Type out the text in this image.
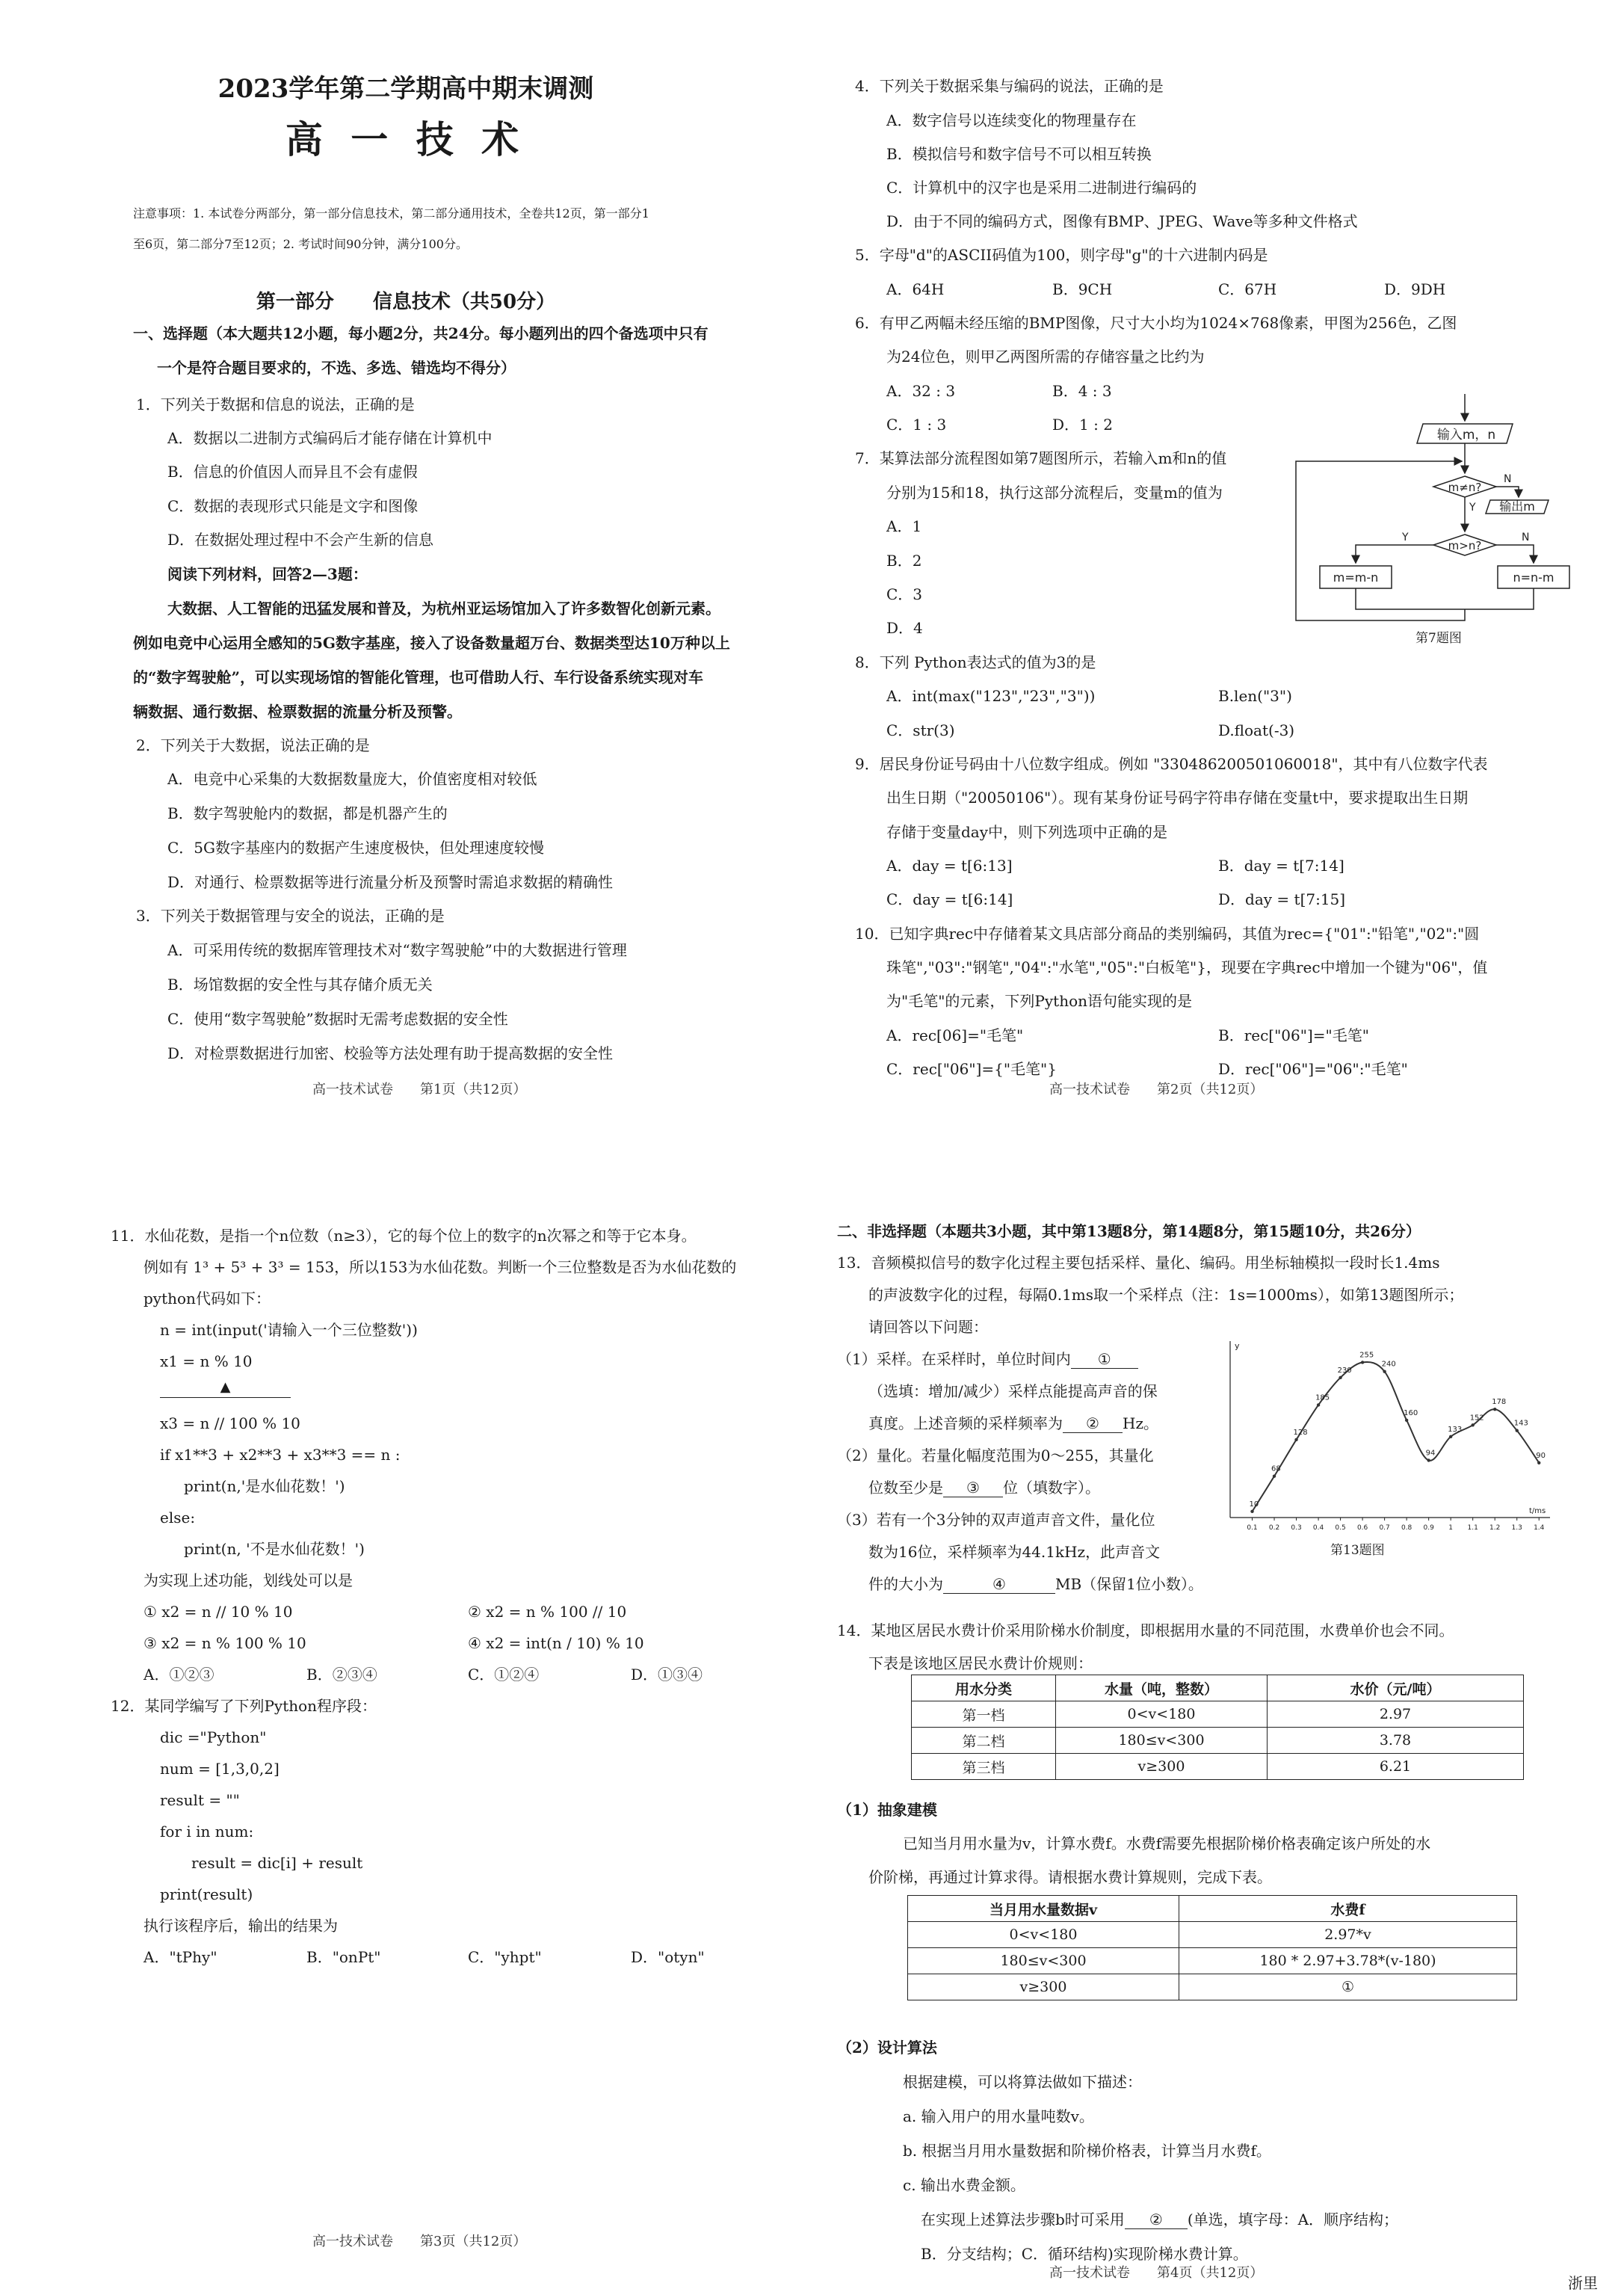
2023学年第二学期高中期末调测
高 一 技 术
注意事项：1. 本试卷分两部分，第一部分信息技术，第二部分通用技术，全卷共12页，第一部分1
至6页，第二部分7至12页；2. 考试时间90分钟，满分100分。
第一部分　　信息技术（共50分）
一、选择题（本大题共12小题，每小题2分，共24分。每小题列出的四个备选项中只有
一个是符合题目要求的，不选、多选、错选均不得分）
1．下列关于数据和信息的说法，正确的是
A．数据以二进制方式编码后才能存储在计算机中
B．信息的价值因人而异且不会有虚假
C．数据的表现形式只能是文字和图像
D．在数据处理过程中不会产生新的信息
阅读下列材料，回答2—3题：
大数据、人工智能的迅猛发展和普及，为杭州亚运场馆加入了许多数智化创新元素。
例如电竞中心运用全感知的5G数字基座，接入了设备数量超万台、数据类型达10万种以上
的“数字驾驶舱”，可以实现场馆的智能化管理，也可借助人行、车行设备系统实现对车
辆数据、通行数据、检票数据的流量分析及预警。
2．下列关于大数据，说法正确的是
A．电竞中心采集的大数据数量庞大，价值密度相对较低
B．数字驾驶舱内的数据，都是机器产生的
C．5G数字基座内的数据产生速度极快，但处理速度较慢
D．对通行、检票数据等进行流量分析及预警时需追求数据的精确性
3．下列关于数据管理与安全的说法，正确的是
A．可采用传统的数据库管理技术对“数字驾驶舱”中的大数据进行管理
B．场馆数据的安全性与其存储介质无关
C．使用“数字驾驶舱”数据时无需考虑数据的安全性
D．对检票数据进行加密、校验等方法处理有助于提高数据的安全性
高一技术试卷　　第1页（共12页）
4．下列关于数据采集与编码的说法，正确的是
A．数字信号以连续变化的物理量存在
B．模拟信号和数字信号不可以相互转换
C．计算机中的汉字也是采用二进制进行编码的
D．由于不同的编码方式，图像有BMP、JPEG、Wave等多种文件格式
5．字母"d"的ASCII码值为100，则字母"g"的十六进制内码是
A．64H	B．9CH	C．67H	D．9DH
6．有甲乙两幅未经压缩的BMP图像，尺寸大小均为1024×768像素，甲图为256色，乙图
为24位色，则甲乙两图所需的存储容量之比约为
A．32 : 3	B．4 : 3
C．1 : 3	D．1 : 2
7．某算法部分流程图如第7题图所示，若输入m和n的值
分别为15和18，执行这部分流程后，变量m的值为
A．1
B．2
C．3
D．4
输入m，n
m≠n?
N
Y 输出m
m>n?
Y	N
m=m-n	n=n-m
第7题图
8．下列 Python表达式的值为3的是
A．int(max("123","23","3"))	B.len("3")
C．str(3)	D.float(-3)
9．居民身份证号码由十八位数字组成。例如 "330486200501060018"，其中有八位数字代表
出生日期（"20050106"）。现有某身份证号码字符串存储在变量t中，要求提取出生日期
存储于变量day中，则下列选项中正确的是
A．day = t[6:13]	B．day = t[7:14]
C．day = t[6:14]	D．day = t[7:15]
10．已知字典rec中存储着某文具店部分商品的类别编码，其值为rec={"01":"铅笔","02":"圆
珠笔","03":"钢笔","04":"水笔","05":"白板笔"}，现要在字典rec中增加一个键为"06"，值
为"毛笔"的元素，下列Python语句能实现的是
A．rec[06]="毛笔"	B．rec["06"]="毛笔"
C．rec["06"]={"毛笔"}	D．rec["06"]="06":"毛笔"
高一技术试卷　　第2页（共12页）
11．水仙花数，是指一个n位数（n≥3），它的每个位上的数字的n次幂之和等于它本身。
例如有 1³ + 5³ + 3³ = 153，所以153为水仙花数。判断一个三位整数是否为水仙花数的
python代码如下：
n = int(input('请输入一个三位整数'))
x1 = n % 10
▲
x3 = n // 100 % 10
if x1**3 + x2**3 + x3**3 == n :
print(n,'是水仙花数！')
else:
print(n, '不是水仙花数！')
为实现上述功能，划线处可以是
① x2 = n // 10 % 10	② x2 = n % 100 // 10
③ x2 = n % 100 % 10	④ x2 = int(n / 10) % 10
A．①②③	B．②③④	C．①②④	D．①③④
12．某同学编写了下列Python程序段：
dic ="Python"
num = [1,3,0,2]
result = ""
for i in num:
result = dic[i] + result
print(result)
执行该程序后，输出的结果为
A．"tPhy"	B．"onPt"	C．"yhpt"	D．"otyn"
高一技术试卷　　第3页（共12页）
二、非选择题（本题共3小题，其中第13题8分，第14题8分，第15题10分，共26分）
13．音频模拟信号的数字化过程主要包括采样、量化、编码。用坐标轴模拟一段时长1.4ms
的声波数字化的过程，每隔0.1ms取一个采样点（注：1s=1000ms），如第13题图所示；
请回答以下问题：
（1）采样。在采样时，单位时间内 ①
（选填：增加/减少）采样点能提高声音的保
真度。上述音频的采样频率为 ② Hz。
（2）量化。若量化幅度范围为0～255，其量化
位数至少是 ③ 位（填数字）。
（3）若有一个3分钟的双声道声音文件，量化位
数为16位，采样频率为44.1kHz，此声音文
件的大小为	④	MB（保留1位小数）。
y
t/ms
10
0.1
68
0.2
128
0.3
185
0.4
230
0.5
255
0.6
240
0.7
160
0.8
94
0.9
133
1
152
1.1
178
1.2
143
1.3
90
1.4
第13题图
14．某地区居民水费计价采用阶梯水价制度，即根据用水量的不同范围，水费单价也会不同。
下表是该地区居民水费计价规则：
用水分类	水量（吨，整数）	水价（元/吨）
第一档	0<v<180	2.97
第二档	180≤v<300	3.78
第三档	v≥300	6.21
（1）抽象建模
已知当月用水量为v，计算水费f。水费f需要先根据阶梯价格表确定该户所处的水
价阶梯，再通过计算求得。请根据水费计算规则，完成下表。
当月用水量数据v	水费f
0<v<180	2.97*v
180≤v<300	180 * 2.97+3.78*(v-180)
v≥300	①
（2）设计算法
根据建模，可以将算法做如下描述：
a. 输入用户的用水量吨数v。
b. 根据当月用水量数据和阶梯价格表，计算当月水费f。
c. 输出水费金额。
在实现上述算法步骤b时可采用 ② (单选，填字母：A．顺序结构；
B．分支结构；C．循环结构)实现阶梯水费计算。
高一技术试卷　　第4页（共12页）
浙里
